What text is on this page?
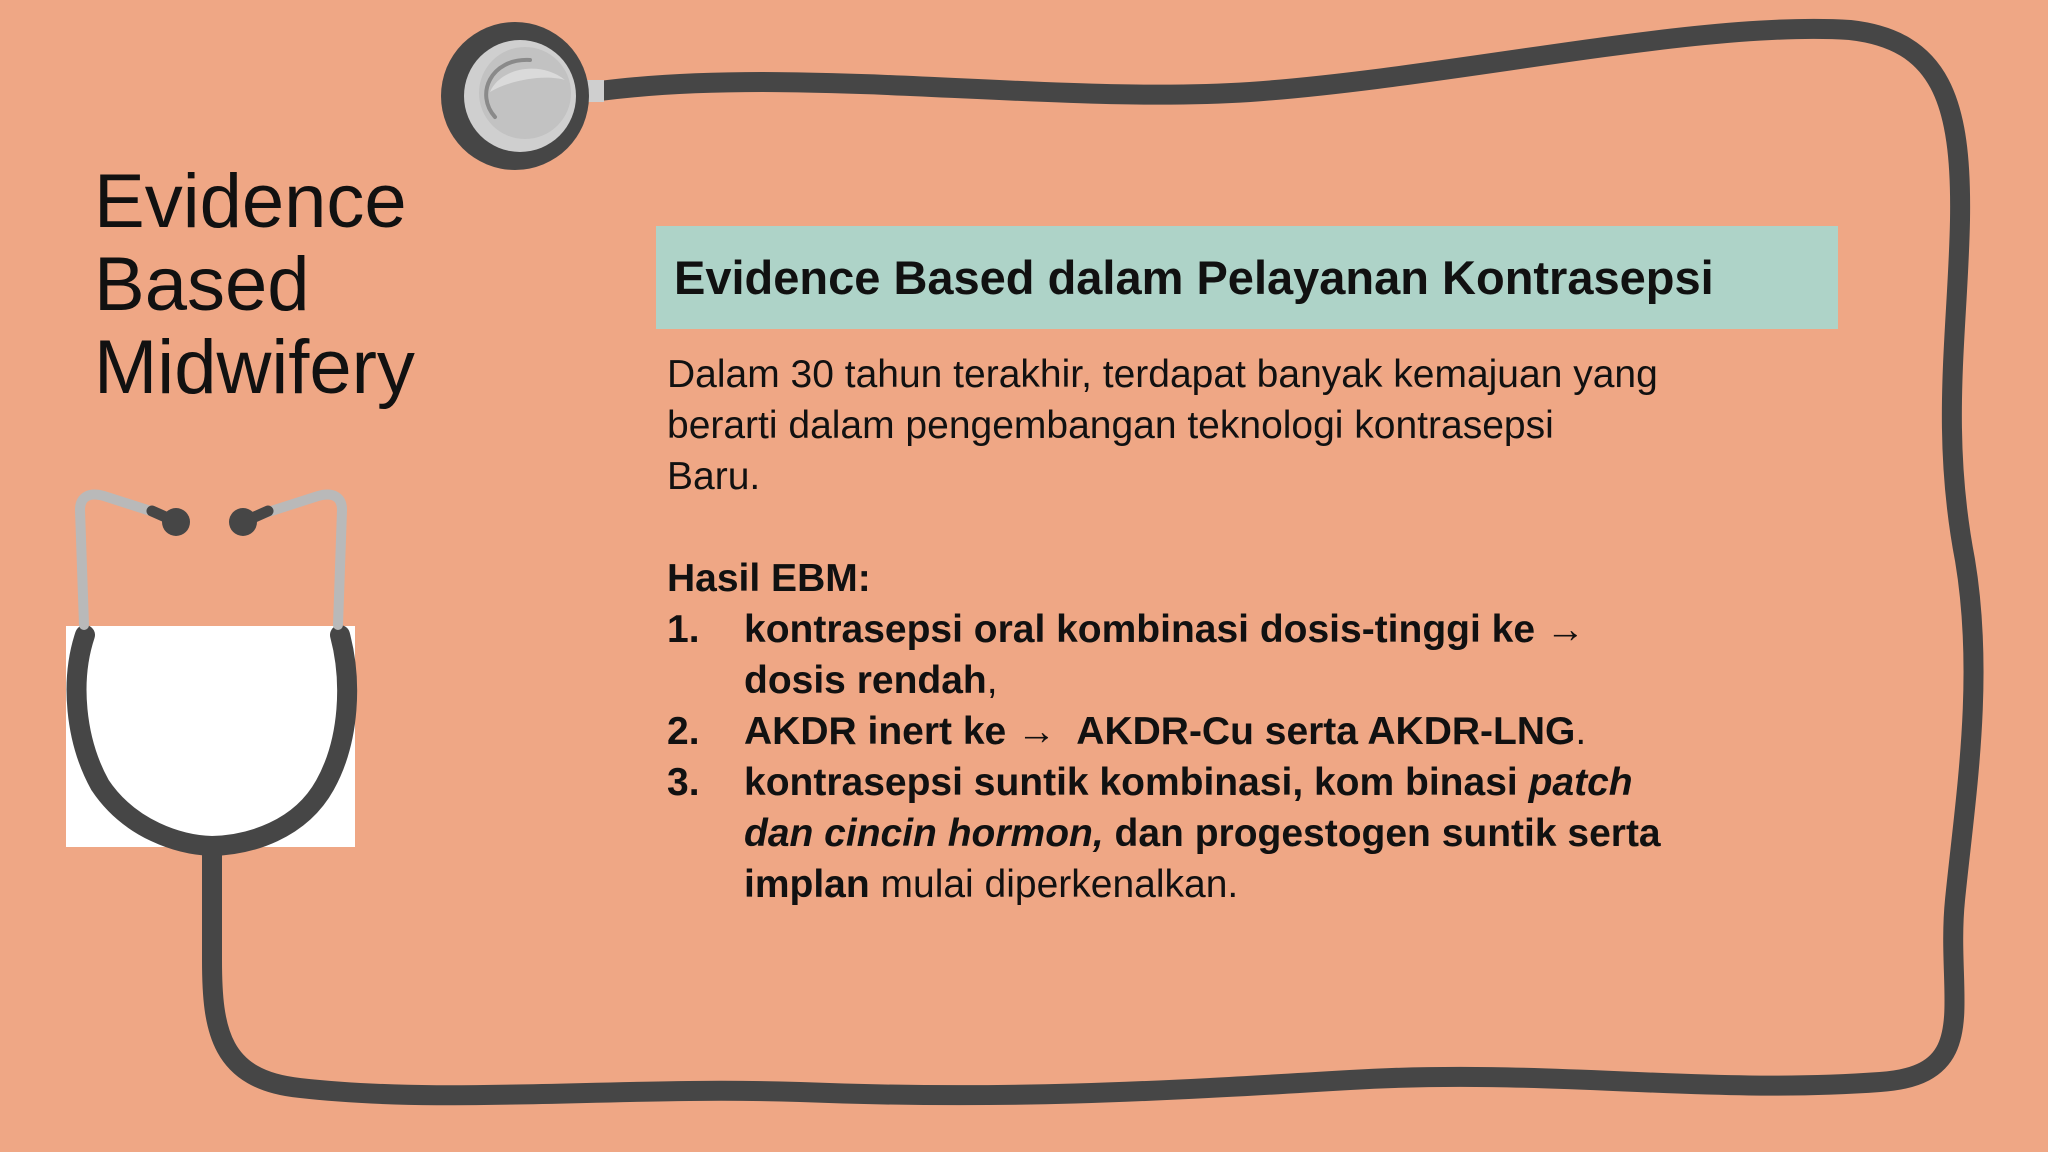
Evidence
Based
Midwifery
Evidence Based dalam Pelayanan Kontrasepsi
Dalam 30 tahun terakhir, terdapat banyak kemajuan yang
berarti dalam pengembangan teknologi kontrasepsi
Baru.
Hasil EBM:
1. kontrasepsi oral kombinasi dosis-tinggi ke →
dosis rendah,
2. AKDR inert ke →  AKDR-Cu serta AKDR-LNG.
3. kontrasepsi suntik kombinasi, kom binasi patch
dan cincin hormon, dan progestogen suntik serta
implan mulai diperkenalkan.
